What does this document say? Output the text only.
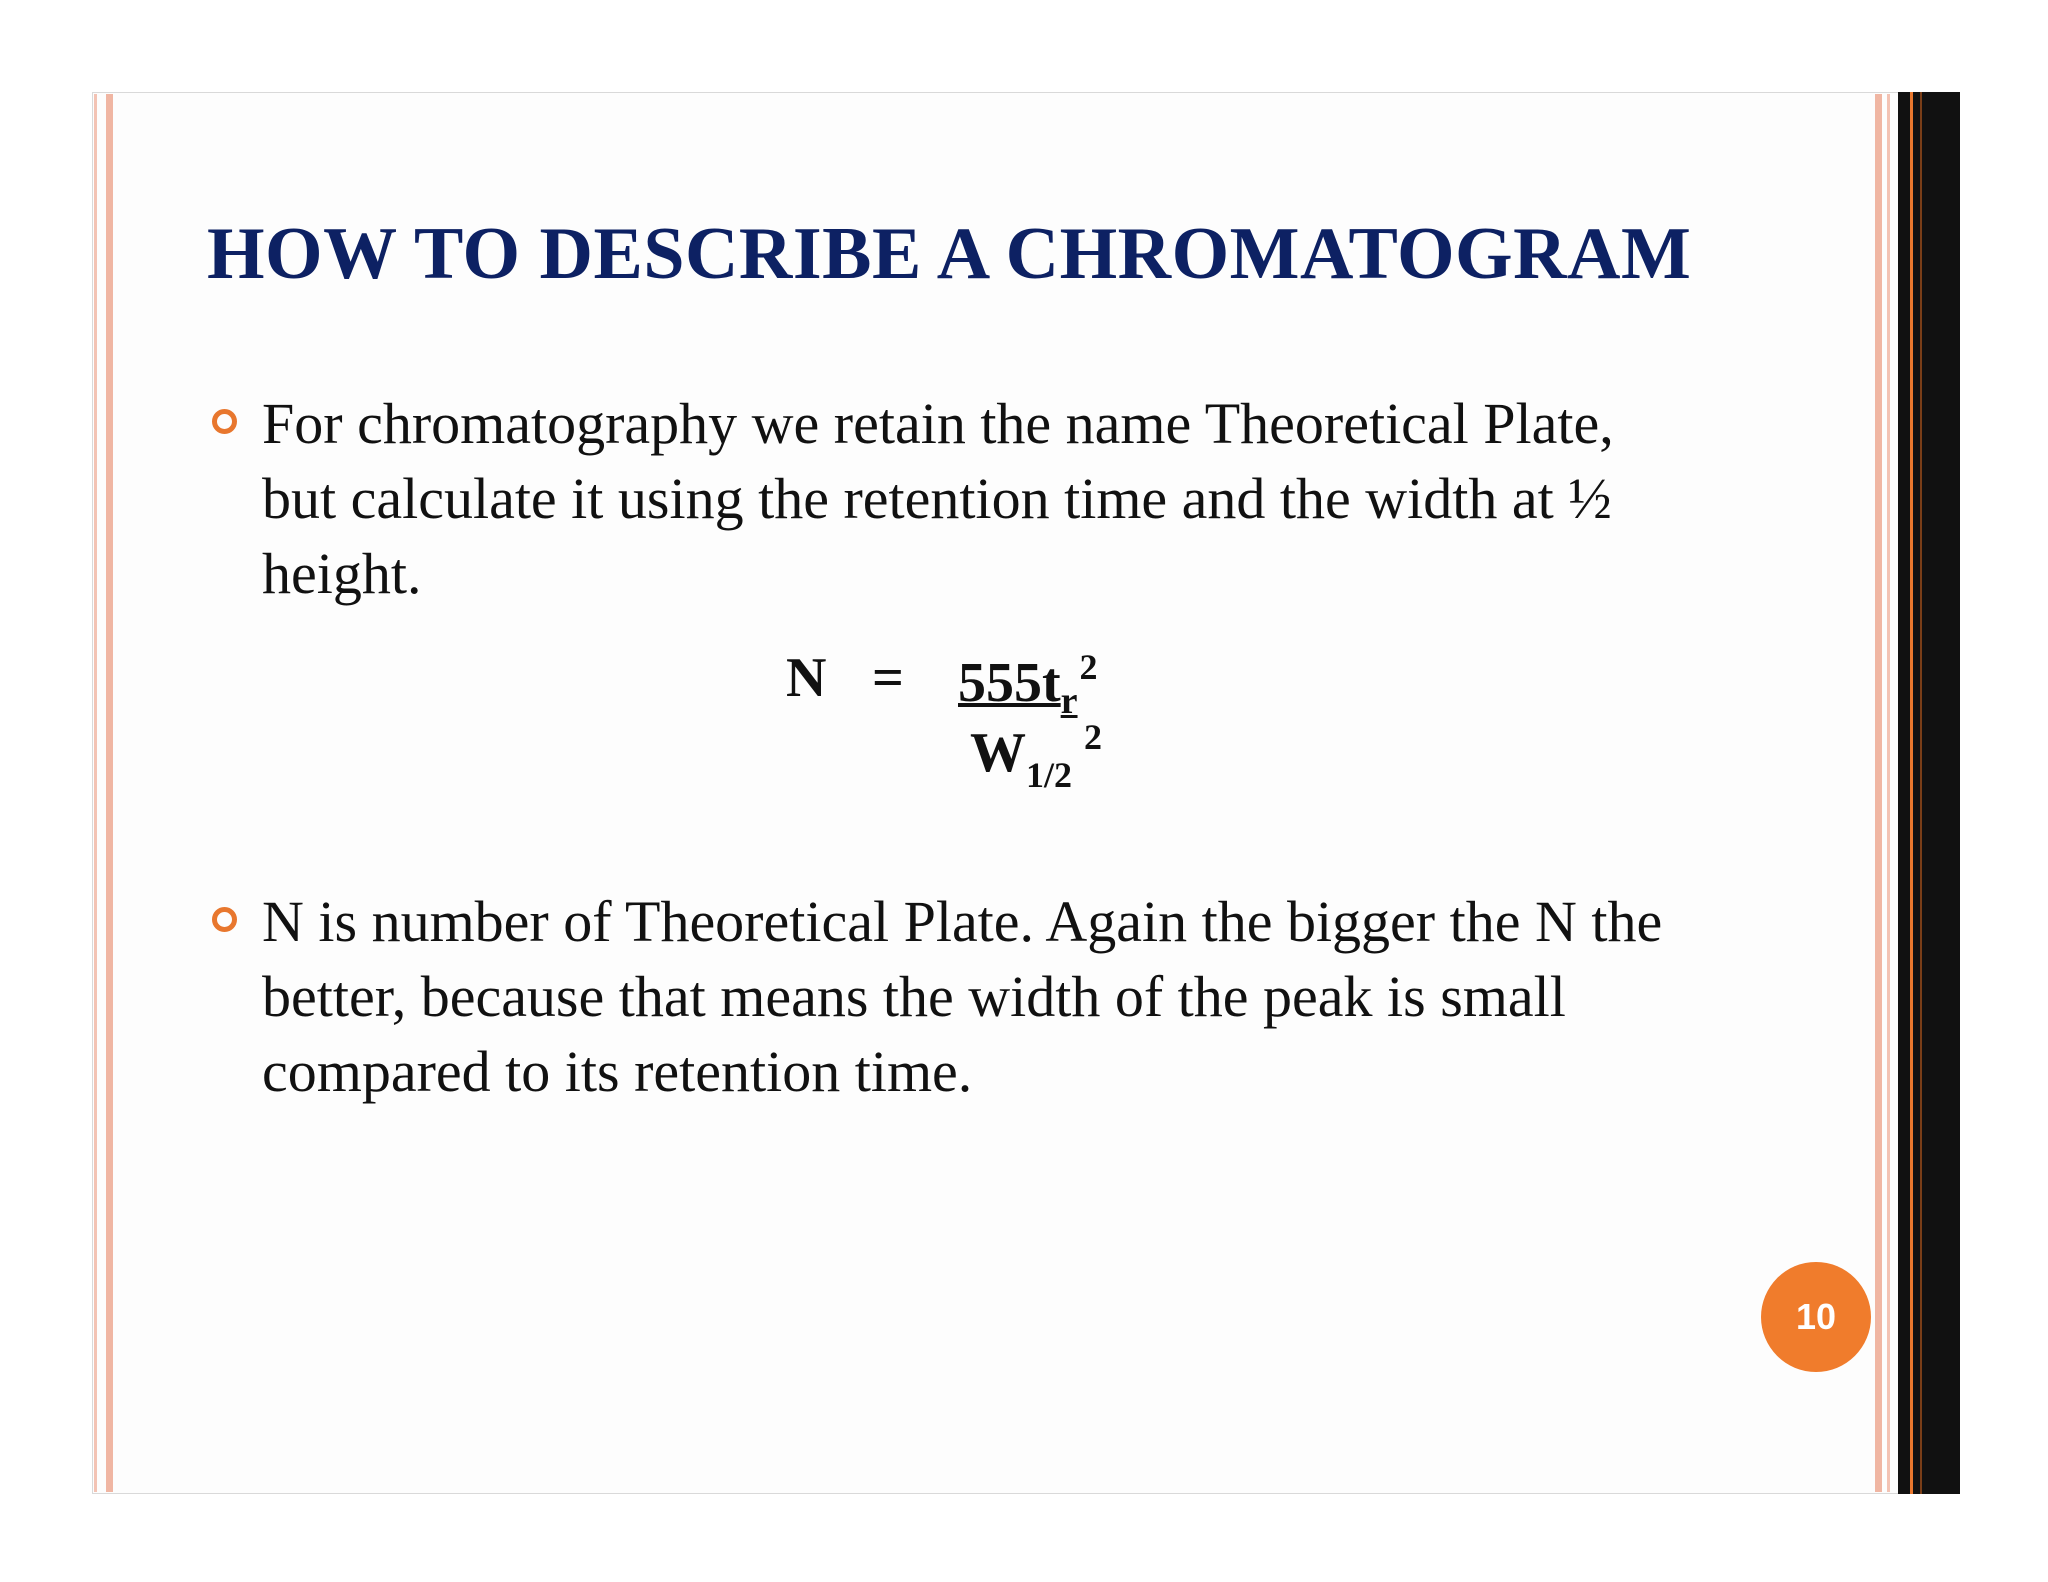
HOW TO DESCRIBE A CHROMATOGRAM

For chromatography we retain the name Theoretical Plate, but calculate it using the retention time and the width at ½ height.

$N = 555t_r^2$
$W_{1/2}^2$

N is number of Theoretical Plate. Again the bigger the N the better, because that means the width of the peak is small compared to its retention time.

10
